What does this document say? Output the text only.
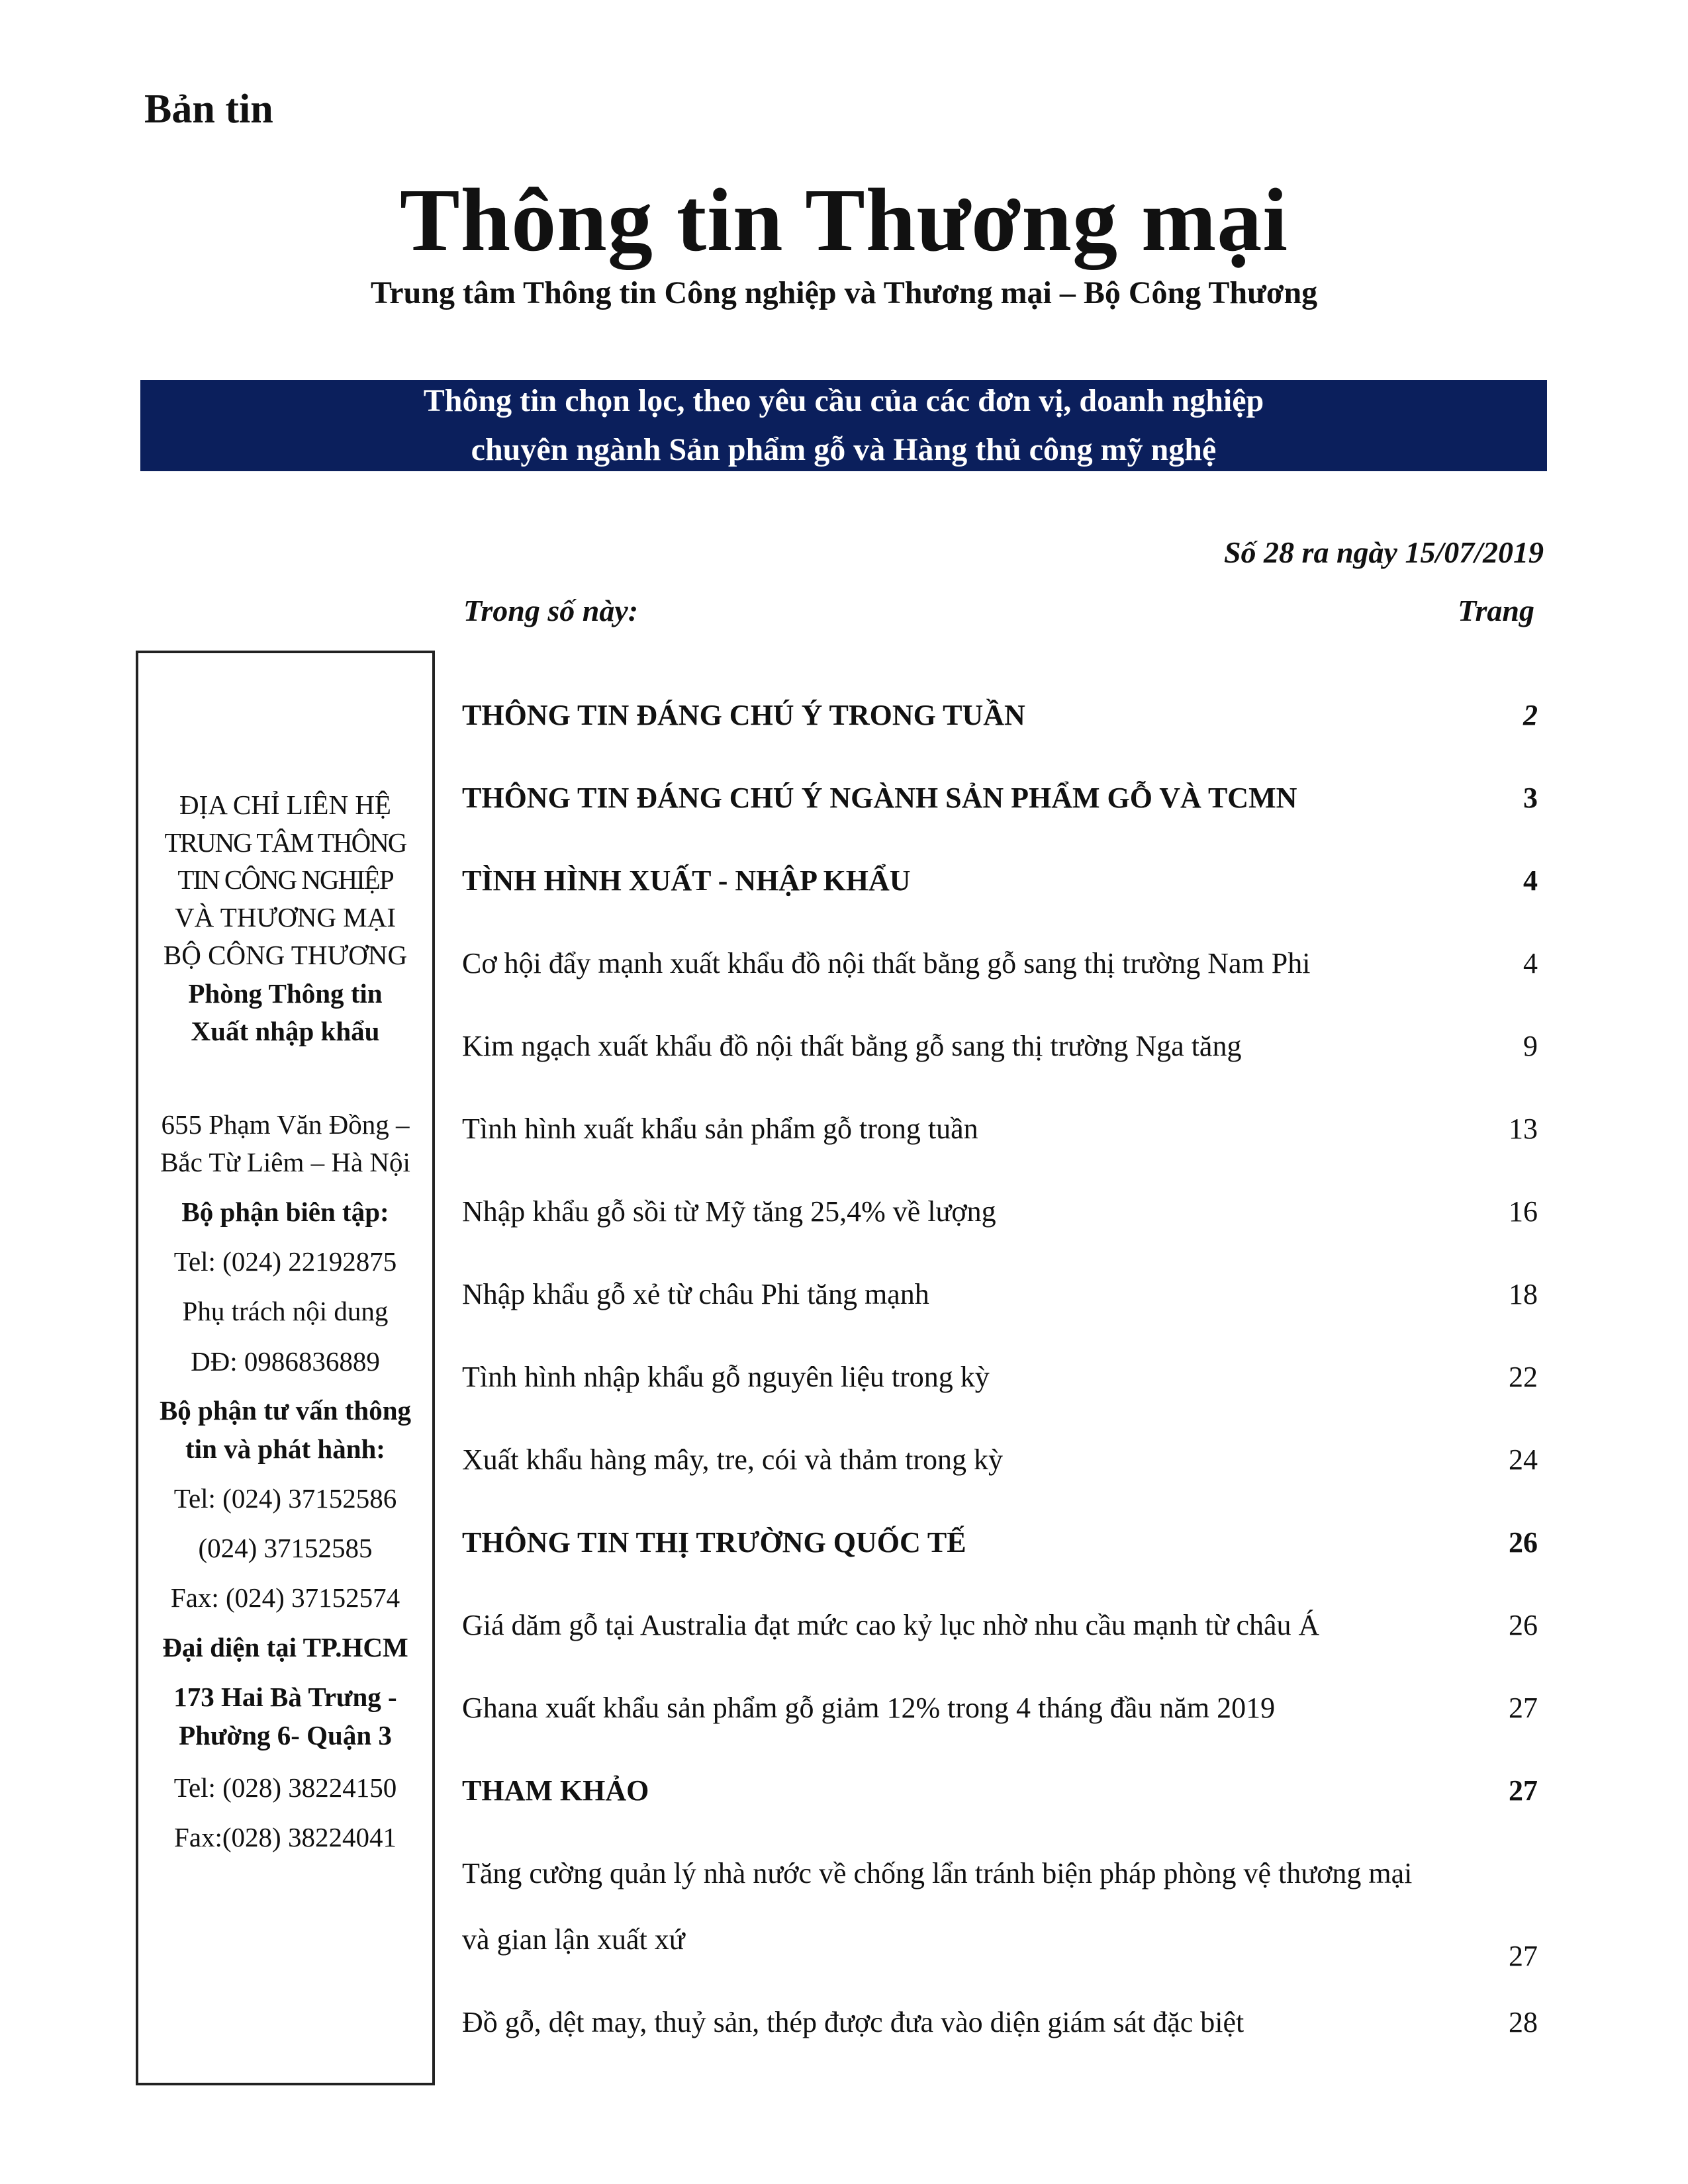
Bản tin
Thông tin Thương mại
Trung tâm Thông tin Công nghiệp và Thương mại – Bộ Công Thương
Thông tin chọn lọc, theo yêu cầu của các đơn vị, doanh nghiệp
chuyên ngành Sản phẩm gỗ và Hàng thủ công mỹ nghệ
Số 28 ra ngày 15/07/2019
Trong số này:	Trang
ĐỊA CHỈ LIÊN HỆ
TRUNG TÂM THÔNG
TIN CÔNG NGHIỆP
VÀ THƯƠNG MẠI
BỘ CÔNG THƯƠNG
Phòng Thông tin
Xuất nhập khẩu
655 Phạm Văn Đồng –
Bắc Từ Liêm – Hà Nội
Bộ phận biên tập:
Tel: (024) 22192875
Phụ trách nội dung
DĐ: 0986836889
Bộ phận tư vấn thông
tin và phát hành:
Tel: (024) 37152586
(024) 37152585
Fax: (024) 37152574
Đại diện tại TP.HCM
173 Hai Bà Trưng -
Phường 6- Quận 3
Tel: (028) 38224150
Fax:(028) 38224041
THÔNG TIN ĐÁNG CHÚ Ý TRONG TUẦN	2
THÔNG TIN ĐÁNG CHÚ Ý NGÀNH SẢN PHẨM GỖ VÀ TCMN	3
TÌNH HÌNH XUẤT - NHẬP KHẨU	4
Cơ hội đẩy mạnh xuất khẩu đồ nội thất bằng gỗ sang thị trường Nam Phi	4
Kim ngạch xuất khẩu đồ nội thất bằng gỗ sang thị trường Nga tăng	9
Tình hình xuất khẩu sản phẩm gỗ trong tuần	13
Nhập khẩu gỗ sồi từ Mỹ tăng 25,4% về lượng	16
Nhập khẩu gỗ xẻ từ châu Phi tăng mạnh	18
Tình hình nhập khẩu gỗ nguyên liệu trong kỳ	22
Xuất khẩu hàng mây, tre, cói và thảm trong kỳ	24
THÔNG TIN THỊ TRƯỜNG QUỐC TẾ	26
Giá dăm gỗ tại Australia đạt mức cao kỷ lục nhờ nhu cầu mạnh từ châu Á	26
Ghana xuất khẩu sản phẩm gỗ giảm 12% trong 4 tháng đầu năm 2019	27
THAM KHẢO	27
Tăng cường quản lý nhà nước về chống lẩn tránh biện pháp phòng vệ thương mại
và gian lận xuất xứ
27
Đồ gỗ, dệt may, thuỷ sản, thép được đưa vào diện giám sát đặc biệt	28
